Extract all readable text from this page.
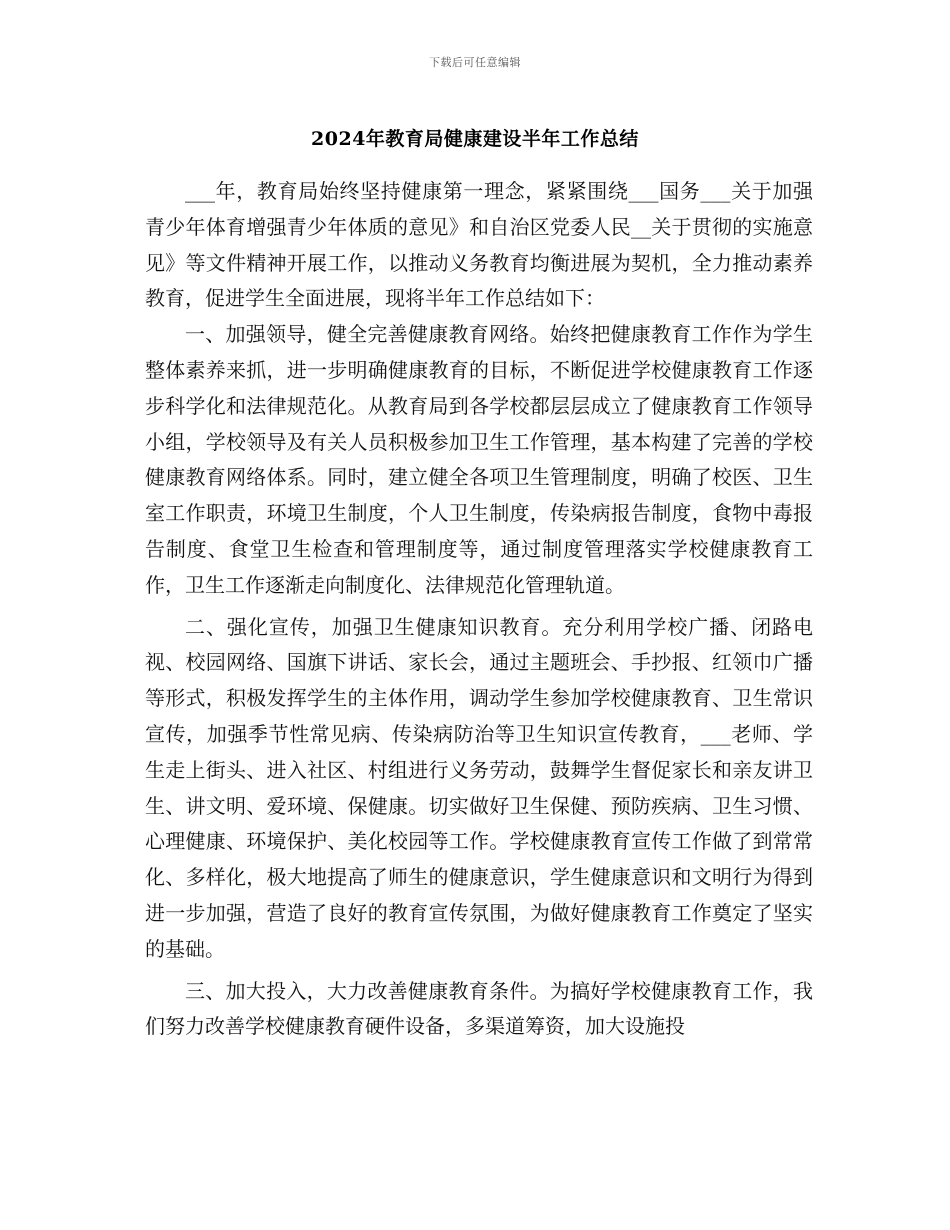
下载后可任意编辑
2024年教育局健康建设半年工作总结

___年，教育局始终坚持健康第一理念，紧紧围绕___国务___关于加强青少年体育增强青少年体质的意见》和自治区党委人民__关于贯彻的实施意见》等文件精神开展工作，以推动义务教育均衡进展为契机，全力推动素养教育，促进学生全面进展，现将半年工作总结如下：

一、加强领导，健全完善健康教育网络。始终把健康教育工作作为学生整体素养来抓，进一步明确健康教育的目标，不断促进学校健康教育工作逐步科学化和法律规范化。从教育局到各学校都层层成立了健康教育工作领导小组，学校领导及有关人员积极参加卫生工作管理，基本构建了完善的学校健康教育网络体系。同时，建立健全各项卫生管理制度，明确了校医、卫生室工作职责，环境卫生制度，个人卫生制度，传染病报告制度，食物中毒报告制度、食堂卫生检查和管理制度等，通过制度管理落实学校健康教育工作，卫生工作逐渐走向制度化、法律规范化管理轨道。

二、强化宣传，加强卫生健康知识教育。充分利用学校广播、闭路电视、校园网络、国旗下讲话、家长会，通过主题班会、手抄报、红领巾广播等形式，积极发挥学生的主体作用，调动学生参加学校健康教育、卫生常识宣传，加强季节性常见病、传染病防治等卫生知识宣传教育，___老师、学生走上街头、进入社区、村组进行义务劳动，鼓舞学生督促家长和亲友讲卫生、讲文明、爱环境、保健康。切实做好卫生保健、预防疾病、卫生习惯、心理健康、环境保护、美化校园等工作。学校健康教育宣传工作做了到常常化、多样化，极大地提高了师生的健康意识，学生健康意识和文明行为得到进一步加强，营造了良好的教育宣传氛围，为做好健康教育工作奠定了坚实的基础。

三、加大投入，大力改善健康教育条件。为搞好学校健康教育工作，我们努力改善学校健康教育硬件设备，多渠道筹资，加大设施投
